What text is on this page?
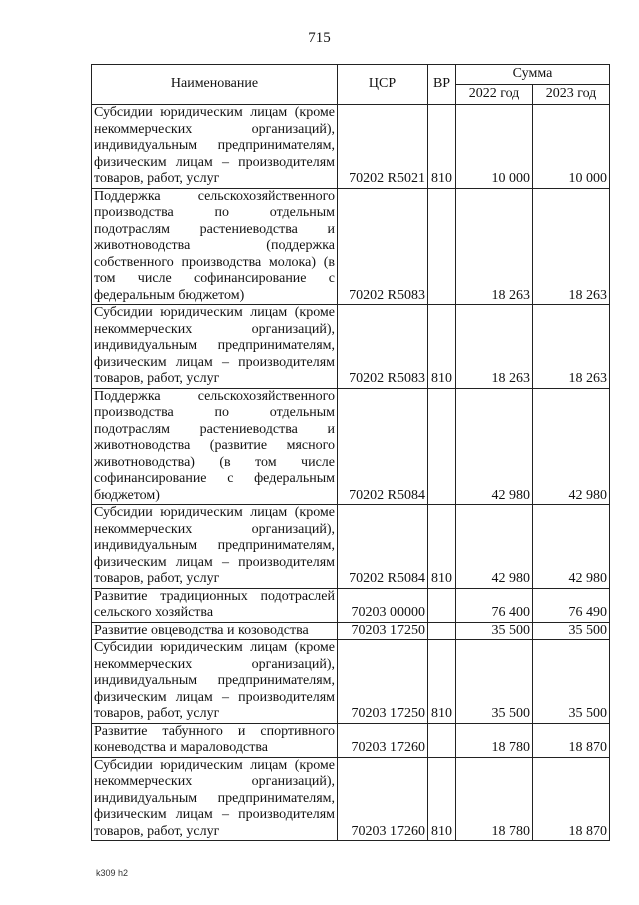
715
Наименование	ЦСР	ВР	Сумма	
			2022 год	2023 год
Субсидии юридическим лицам (кроме некоммерческих организаций), индивидуальным предпринимателям, физическим лицам – производителям товаров, работ, услуг	70202 R5021	810	10 000	10 000
Поддержка сельскохозяйственного производства по отдельным подотраслям растениеводства и животноводства (поддержка собственного производства молока) (в том числе софинансирование с федеральным бюджетом)	70202 R5083		18 263	18 263
Субсидии юридическим лицам (кроме некоммерческих организаций), индивидуальным предпринимателям, физическим лицам – производителям товаров, работ, услуг	70202 R5083	810	18 263	18 263
Поддержка сельскохозяйственного производства по отдельным подотраслям растениеводства и животноводства (развитие мясного животноводства) (в том числе софинансирование с федеральным бюджетом)	70202 R5084		42 980	42 980
Субсидии юридическим лицам (кроме некоммерческих организаций), индивидуальным предпринимателям, физическим лицам – производителям товаров, работ, услуг	70202 R5084	810	42 980	42 980
Развитие традиционных подотраслей сельского хозяйства	70203 00000		76 400	76 490
Развитие овцеводства и козоводства	70203 17250		35 500	35 500
Субсидии юридическим лицам (кроме некоммерческих организаций), индивидуальным предпринимателям, физическим лицам – производителям товаров, работ, услуг	70203 17250	810	35 500	35 500
Развитие табунного и спортивного коневодства и мараловодства	70203 17260		18 780	18 870
Субсидии юридическим лицам (кроме некоммерческих организаций), индивидуальным предпринимателям, физическим лицам – производителям товаров, работ, услуг	70203 17260	810	18 780	18 870
k309 h2
